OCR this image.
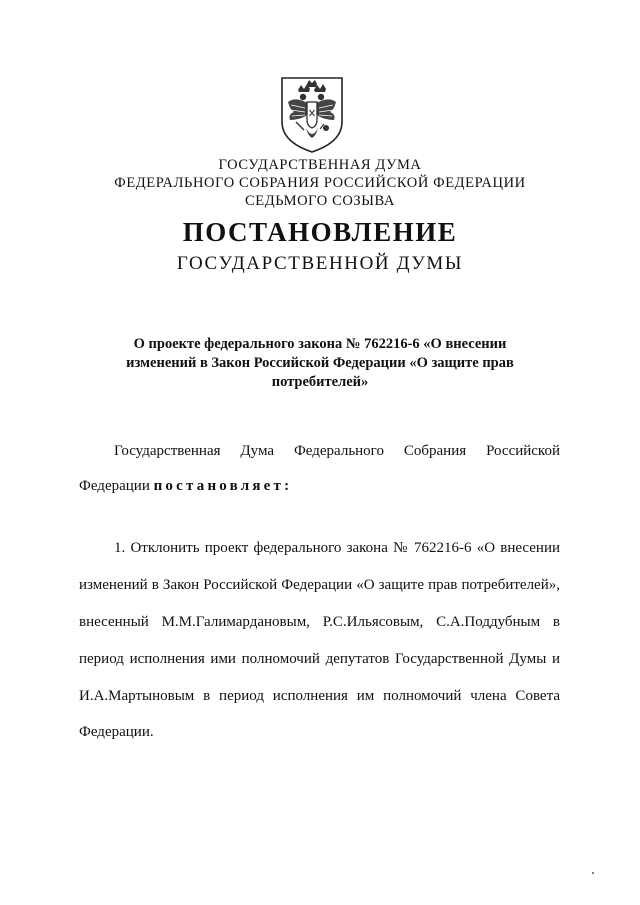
ГОСУДАРСТВЕННАЯ ДУМА
ФЕДЕРАЛЬНОГО СОБРАНИЯ РОССИЙСКОЙ ФЕДЕРАЦИИ
СЕДЬМОГО СОЗЫВА
ПОСТАНОВЛЕНИЕ
ГОСУДАРСТВЕННОЙ ДУМЫ
О проекте федерального закона № 762216-6 «О внесении
изменений в Закон Российской Федерации «О защите прав
потребителей»
Государственная Дума Федерального Собрания Российской
Федерации постановляет:
1. Отклонить проект федерального закона № 762216-6 «О внесении
изменений в Закон Российской Федерации «О защите прав потребителей»,
внесенный М.М.Галимардановым, Р.С.Ильясовым, С.А.Поддубным в
период исполнения ими полномочий депутатов Государственной Думы и
И.А.Мартыновым в период исполнения им полномочий члена Совета
Федерации.
